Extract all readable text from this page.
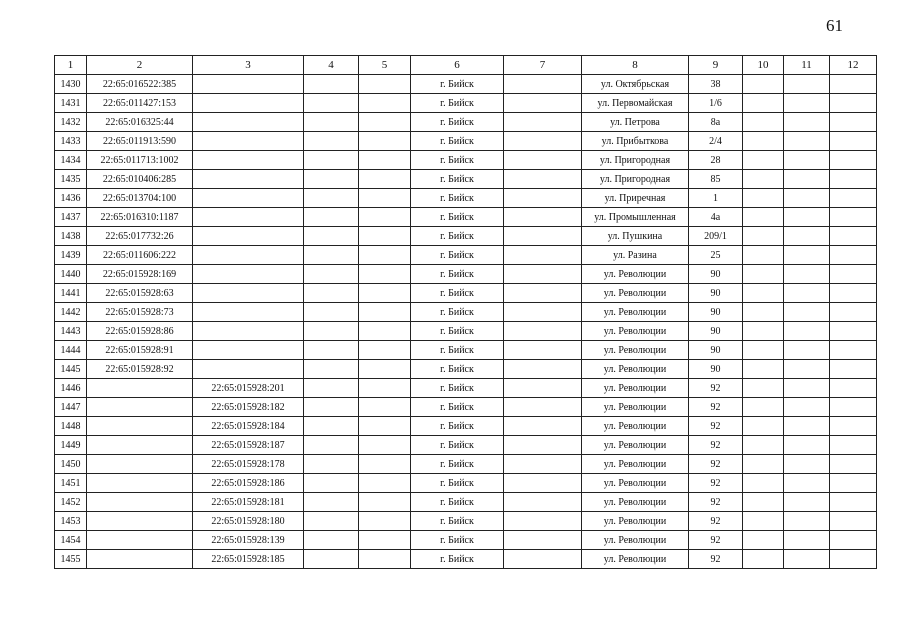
61
1	2	3	4	5	6	7	8	9	10	11	12
1430	22:65:016522:385				г. Бийск		ул. Октябрьская	38			
1431	22:65:011427:153				г. Бийск		ул. Первомайская	1/6			
1432	22:65:016325:44				г. Бийск		ул. Петрова	8а			
1433	22:65:011913:590				г. Бийск		ул. Прибыткова	2/4			
1434	22:65:011713:1002				г. Бийск		ул. Пригородная	28			
1435	22:65:010406:285				г. Бийск		ул. Пригородная	85			
1436	22:65:013704:100				г. Бийск		ул. Приречная	1			
1437	22:65:016310:1187				г. Бийск		ул. Промышленная	4а			
1438	22:65:017732:26				г. Бийск		ул. Пушкина	209/1			
1439	22:65:011606:222				г. Бийск		ул. Разина	25			
1440	22:65:015928:169				г. Бийск		ул. Революции	90			
1441	22:65:015928:63				г. Бийск		ул. Революции	90			
1442	22:65:015928:73				г. Бийск		ул. Революции	90			
1443	22:65:015928:86				г. Бийск		ул. Революции	90			
1444	22:65:015928:91				г. Бийск		ул. Революции	90			
1445	22:65:015928:92				г. Бийск		ул. Революции	90			
1446		22:65:015928:201			г. Бийск		ул. Революции	92			
1447		22:65:015928:182			г. Бийск		ул. Революции	92			
1448		22:65:015928:184			г. Бийск		ул. Революции	92			
1449		22:65:015928:187			г. Бийск		ул. Революции	92			
1450		22:65:015928:178			г. Бийск		ул. Революции	92			
1451		22:65:015928:186			г. Бийск		ул. Революции	92			
1452		22:65:015928:181			г. Бийск		ул. Революции	92			
1453		22:65:015928:180			г. Бийск		ул. Революции	92			
1454		22:65:015928:139			г. Бийск		ул. Революции	92			
1455		22:65:015928:185			г. Бийск		ул. Революции	92			
